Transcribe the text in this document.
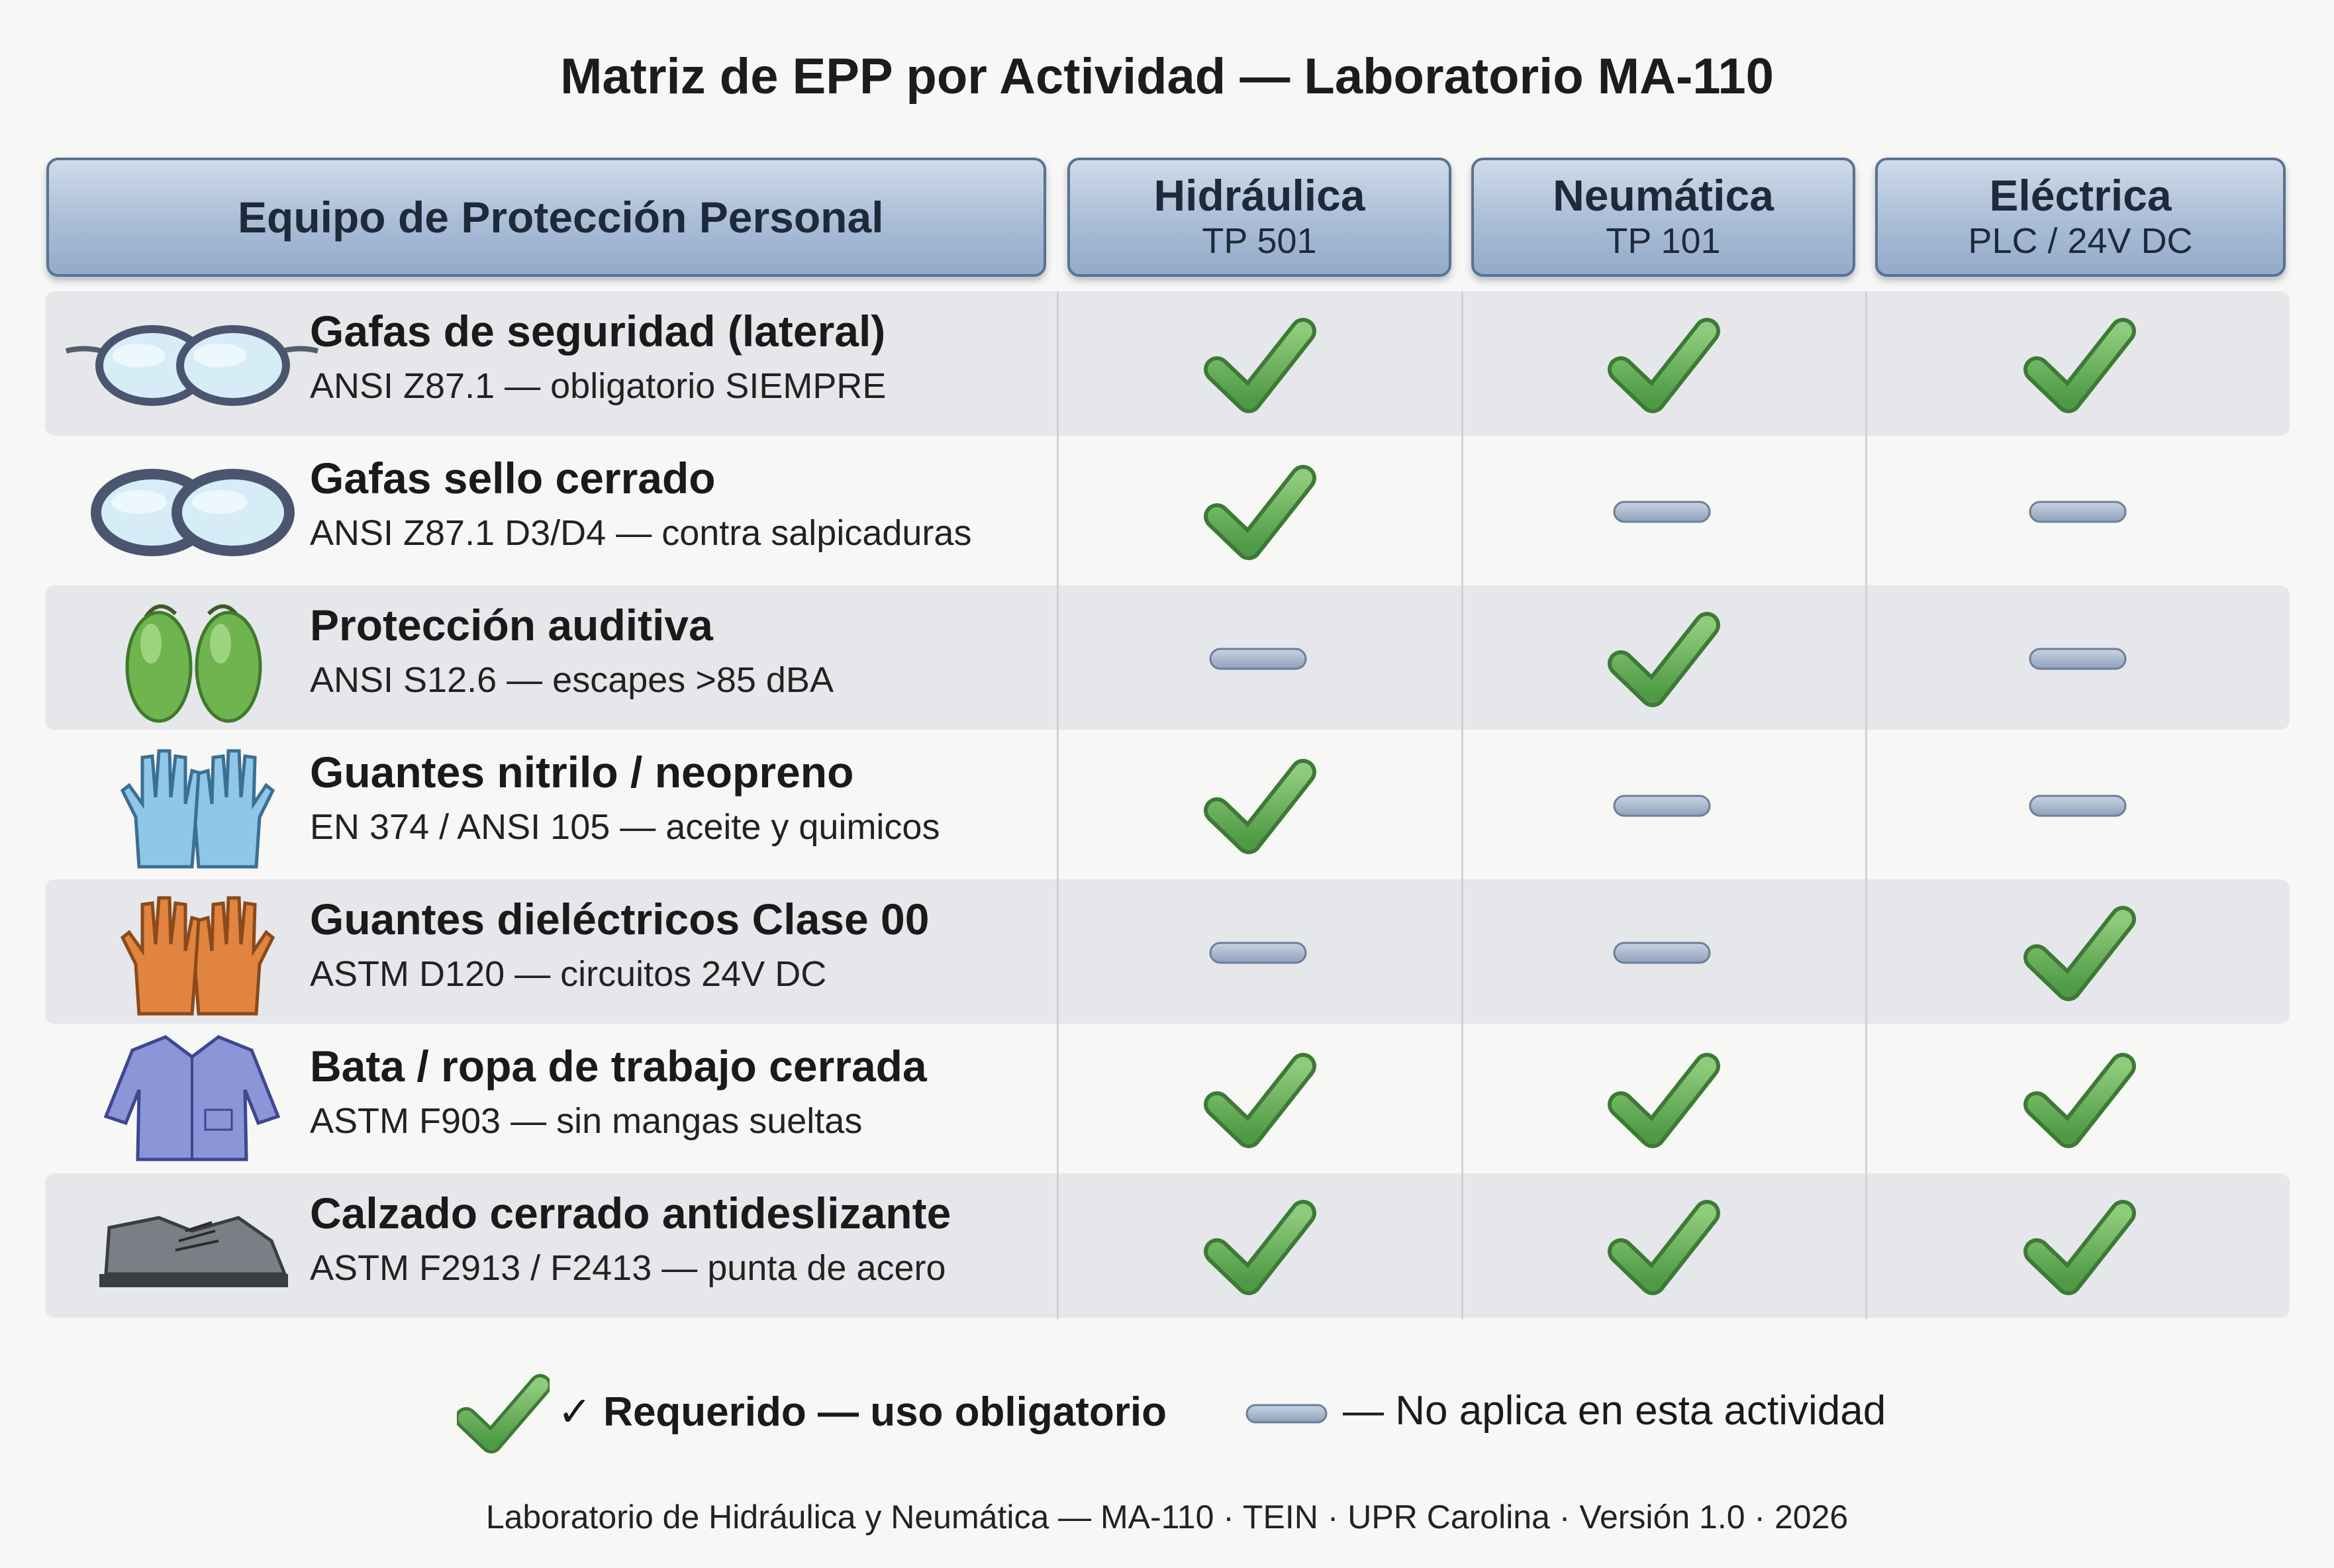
Matriz de EPP por Actividad — Laboratorio MA-110
Equipo de Protección Personal	Hidráulica
TP 501
Neumática
TP 101
Eléctrica
PLC / 24V DC
Gafas de seguridad (lateral)
ANSI Z87.1 — obligatorio SIEMPRE
Gafas sello cerrado
ANSI Z87.1 D3/D4 — contra salpicaduras
Protección auditiva
ANSI S12.6 — escapes >85 dBA
Guantes nitrilo / neopreno
EN 374 / ANSI 105 — aceite y quimicos
Guantes dieléctricos Clase 00
ASTM D120 — circuitos 24V DC
Bata / ropa de trabajo cerrada
ASTM F903 — sin mangas sueltas
Calzado cerrado antideslizante
ASTM F2913 / F2413 — punta de acero
✓ Requerido — uso obligatorio	— No aplica en esta actividad
Laboratorio de Hidráulica y Neumática — MA-110 · TEIN · UPR Carolina · Versión 1.0 · 2026
